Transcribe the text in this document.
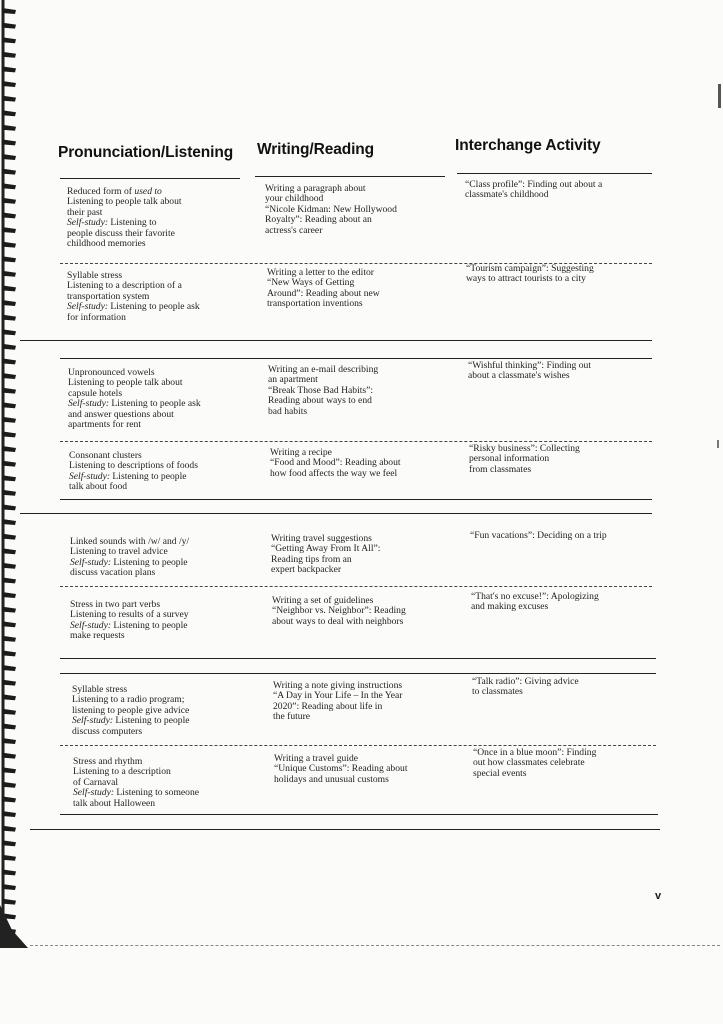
Pronunciation/Listening Writing/Reading	Interchange Activity
Reduced form of used to
Listening to people talk about
their past
Self-study: Listening to
people discuss their favorite
childhood memories
Writing a paragraph about
your childhood
“Nicole Kidman: New Hollywood
Royalty”: Reading about an
actress's career
“Class profile”: Finding out about a
classmate's childhood
Syllable stress
Listening to a description of a
transportation system
Self-study: Listening to people ask
for information
Writing a letter to the editor
“New Ways of Getting
Around”: Reading about new
transportation inventions
“Tourism campaign”: Suggesting
ways to attract tourists to a city
Unpronounced vowels
Listening to people talk about
capsule hotels
Self-study: Listening to people ask
and answer questions about
apartments for rent
Writing an e-mail describing
an apartment
“Break Those Bad Habits”:
Reading about ways to end
bad habits
“Wishful thinking”: Finding out
about a classmate's wishes
Consonant clusters
Listening to descriptions of foods
Self-study: Listening to people
talk about food
Writing a recipe
“Food and Mood”: Reading about
how food affects the way we feel
“Risky business”: Collecting
personal information
from classmates
Linked sounds with /w/ and /y/
Listening to travel advice
Self-study: Listening to people
discuss vacation plans
Writing travel suggestions
“Getting Away From It All”:
Reading tips from an
expert backpacker
“Fun vacations”: Deciding on a trip
Stress in two part verbs
Listening to results of a survey
Self-study: Listening to people
make requests
Writing a set of guidelines
“Neighbor vs. Neighbor”: Reading
about ways to deal with neighbors
“That's no excuse!”: Apologizing
and making excuses
Syllable stress
Listening to a radio program;
listening to people give advice
Self-study: Listening to people
discuss computers
Writing a note giving instructions
“A Day in Your Life – In the Year
2020”: Reading about life in
the future
“Talk radio”: Giving advice
to classmates
Stress and rhythm
Listening to a description
of Carnaval
Self-study: Listening to someone
talk about Halloween
Writing a travel guide
“Unique Customs”: Reading about
holidays and unusual customs
“Once in a blue moon”: Finding
out how classmates celebrate
special events
v
